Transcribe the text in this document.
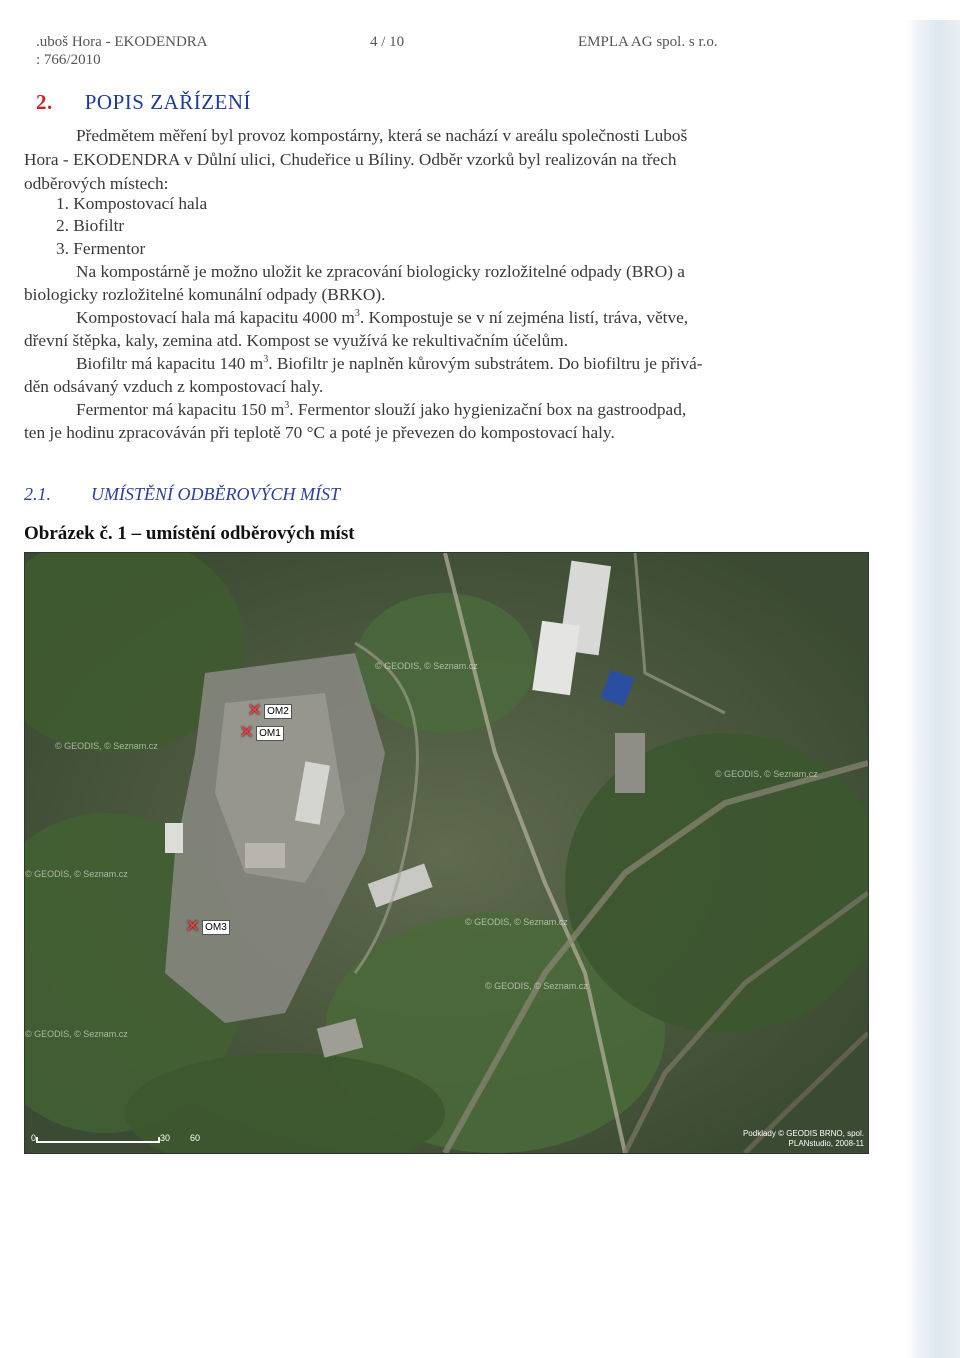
.uboš Hora - EKODENDRA
: 766/2010
4 / 10	EMPLA AG spol. s r.o.
2. POPIS ZAŘÍZENÍ
Předmětem měření byl provoz kompostárny, která se nachází v areálu společnosti Luboš
Hora - EKODENDRA v Důlní ulici, Chudeřice u Bíliny. Odběr vzorků byl realizován na třech
odběrových místech:
1. Kompostovací hala
2. Biofiltr
3. Fermentor
Na kompostárně je možno uložit ke zpracování biologicky rozložitelné odpady (BRO) a
biologicky rozložitelné komunální odpady (BRKO).
Kompostovací hala má kapacitu 4000 $m^3$. Kompostuje se v ní zejména listí, tráva, větve,
dřevní štěpka, kaly, zemina atd. Kompost se využívá ke rekultivačním účelům.
Biofiltr má kapacitu 140 $m^3$. Biofiltr je naplněn kůrovým substrátem. Do biofiltru je přivá-
děn odsávaný vzduch z kompostovací haly.
Fermentor má kapacitu 150 $m^3$. Fermentor slouží jako hygienizační box na gastroodpad,
ten je hodinu zpracováván při teplotě 70 °C a poté je převezen do kompostovací haly.
2.1. UMÍSTĚNÍ ODBĚROVÝCH MÍST
Obrázek č. 1 – umístění odběrových míst
© GEODIS, © Seznam.cz
© GEODIS, © Seznam.cz
© GEODIS, © Seznam.cz
© GEODIS, © Seznam.cz
© GEODIS, © Seznam.cz
© GEODIS, © Seznam.cz
© GEODIS, © Seznam.cz
✕ OM2
✕ OM1
✕ OM3
0	30 60	Podklady © GEODIS BRNO, spol.
PLANstudio, 2008-11
